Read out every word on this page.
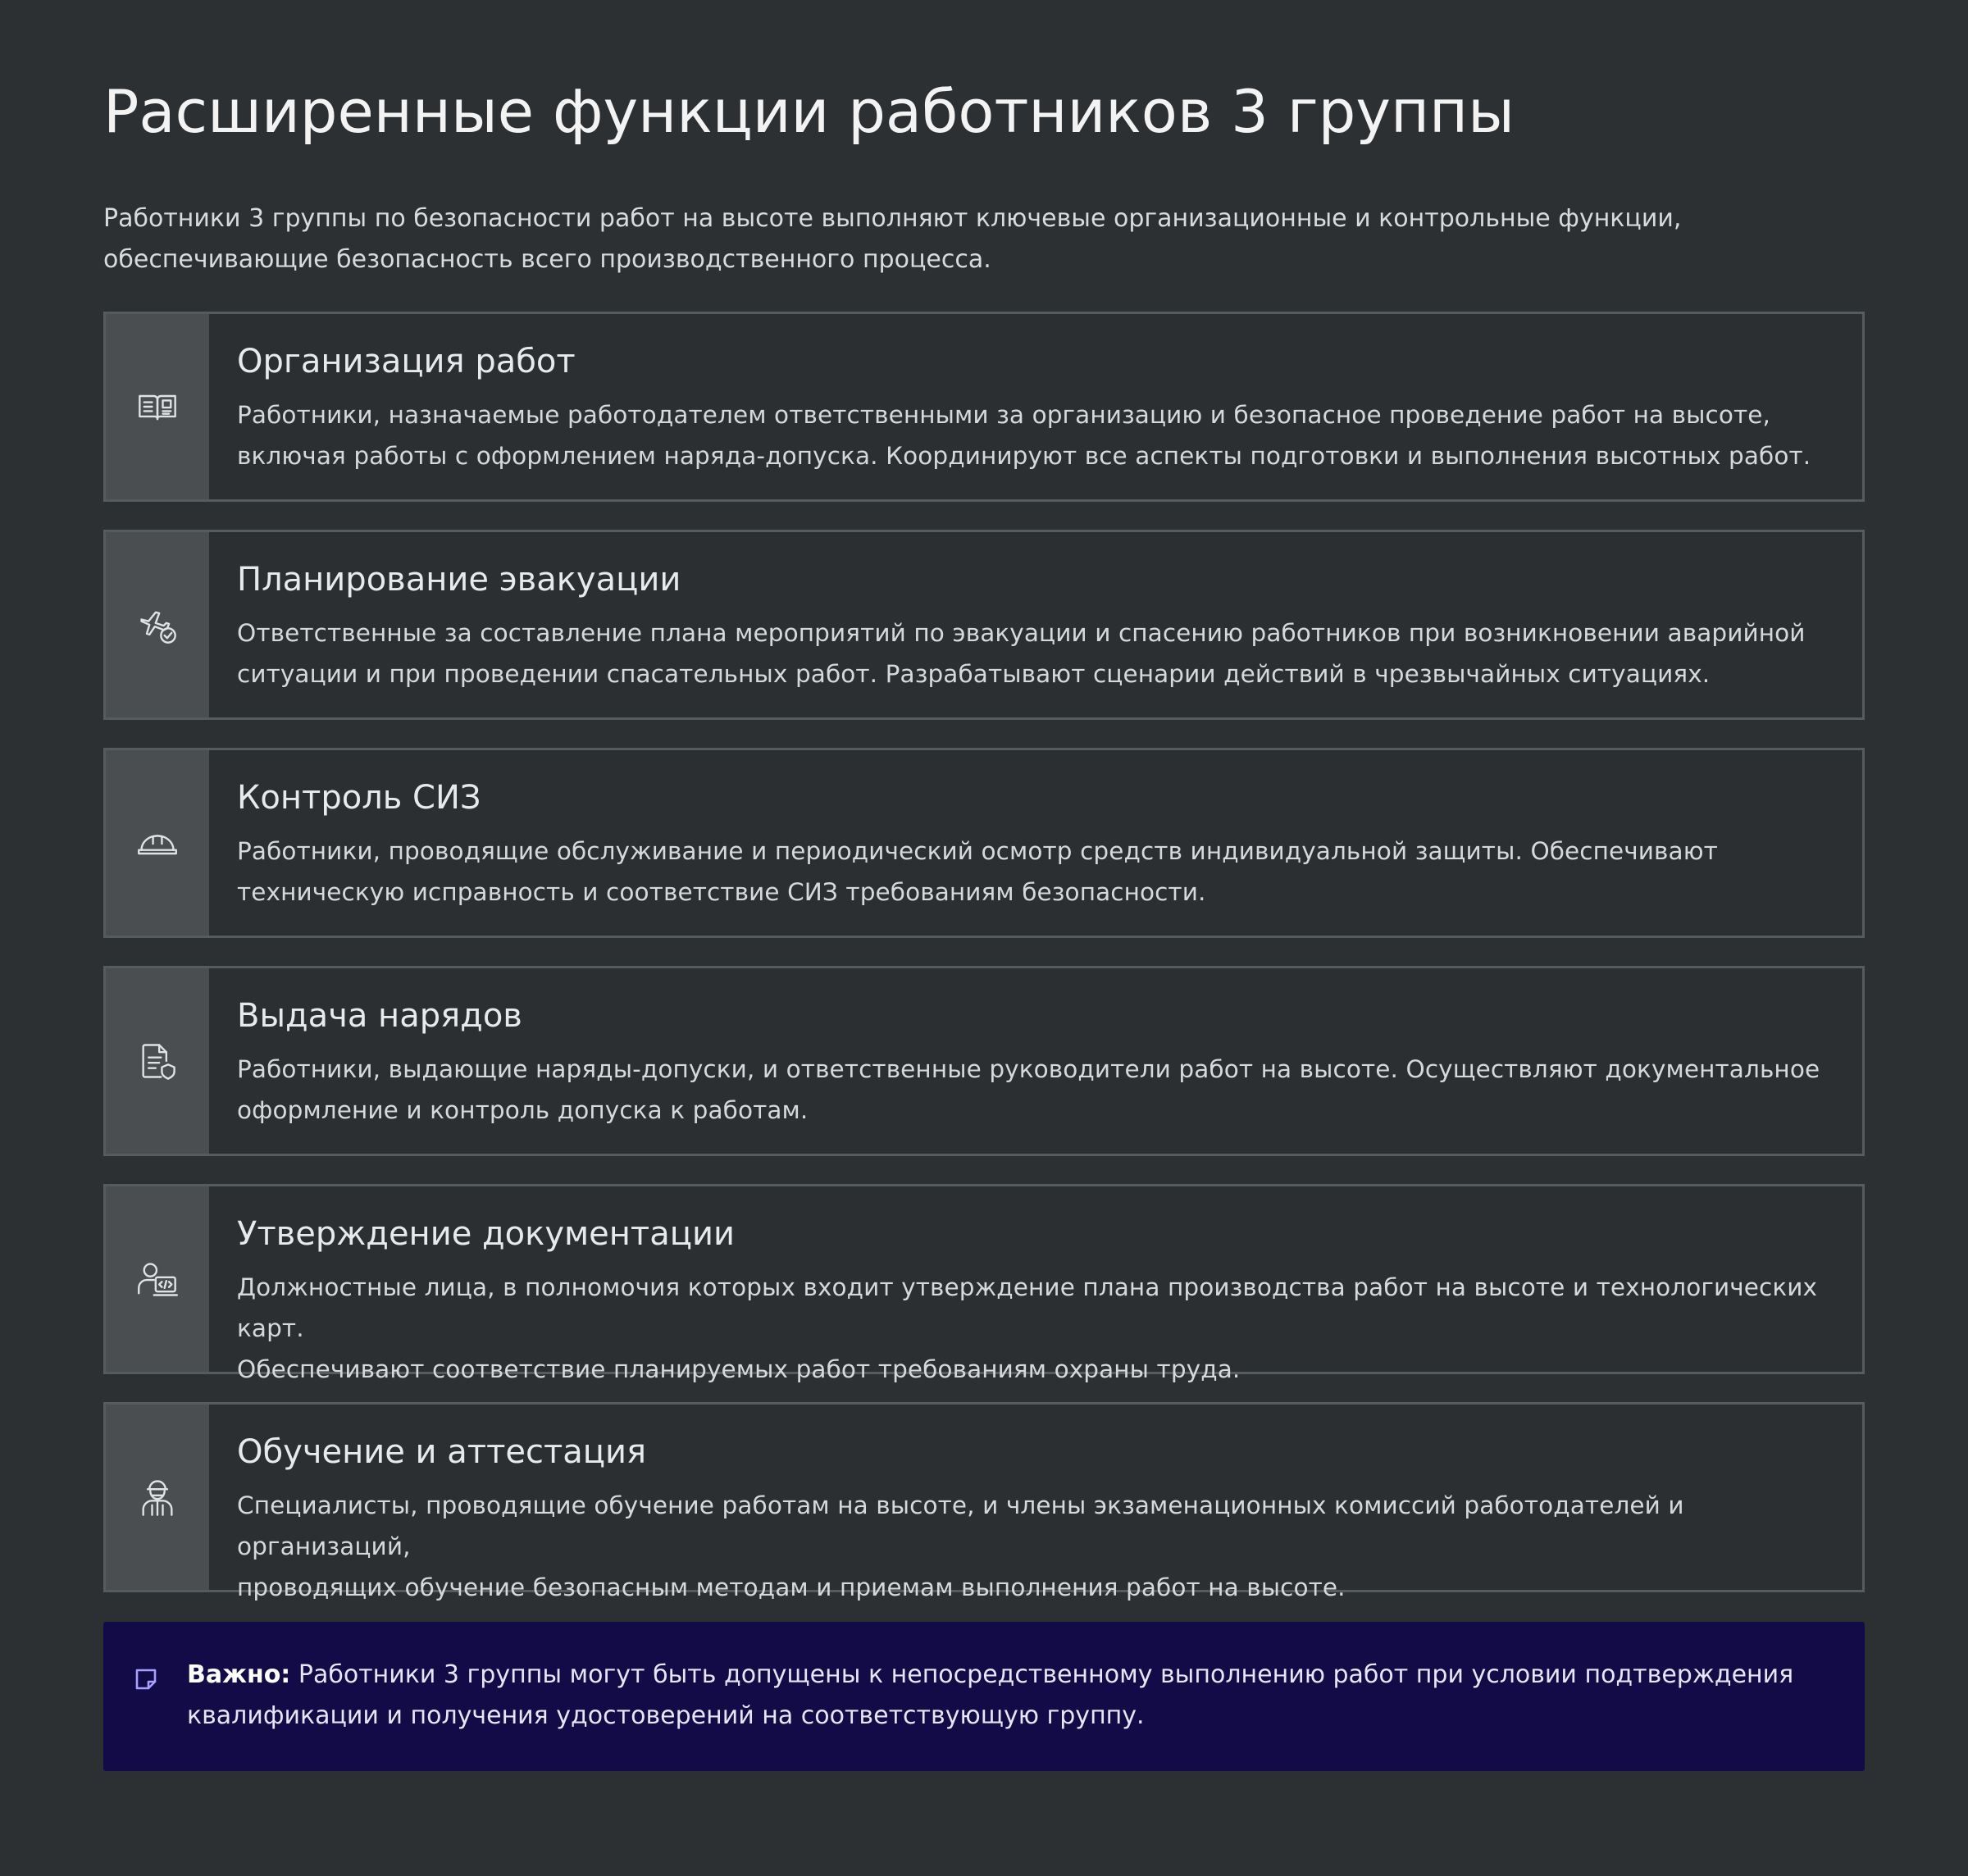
Расширенные функции работников 3 группы

Работники 3 группы по безопасности работ на высоте выполняют ключевые организационные и контрольные функции, обеспечивающие безопасность всего производственного процесса.

Организация работ
Работники, назначаемые работодателем ответственными за организацию и безопасное проведение работ на высоте,
включая работы с оформлением наряда-допуска. Координируют все аспекты подготовки и выполнения высотных работ.
Планирование эвакуации
Ответственные за составление плана мероприятий по эвакуации и спасению работников при возникновении аварийной
ситуации и при проведении спасательных работ. Разрабатывают сценарии действий в чрезвычайных ситуациях.
Контроль СИЗ
Работники, проводящие обслуживание и периодический осмотр средств индивидуальной защиты. Обеспечивают
техническую исправность и соответствие СИЗ требованиям безопасности.
Выдача нарядов
Работники, выдающие наряды-допуски, и ответственные руководители работ на высоте. Осуществляют документальное
оформление и контроль допуска к работам.
Утверждение документации
Должностные лица, в полномочия которых входит утверждение плана производства работ на высоте и технологических карт.
Обеспечивают соответствие планируемых работ требованиям охраны труда.
Обучение и аттестация
Специалисты, проводящие обучение работам на высоте, и члены экзаменационных комиссий работодателей и организаций,
проводящих обучение безопасным методам и приемам выполнения работ на высоте.
Важно: Работники 3 группы могут быть допущены к непосредственному выполнению работ при условии подтверждения квалификации и получения удостоверений на соответствующую группу.
